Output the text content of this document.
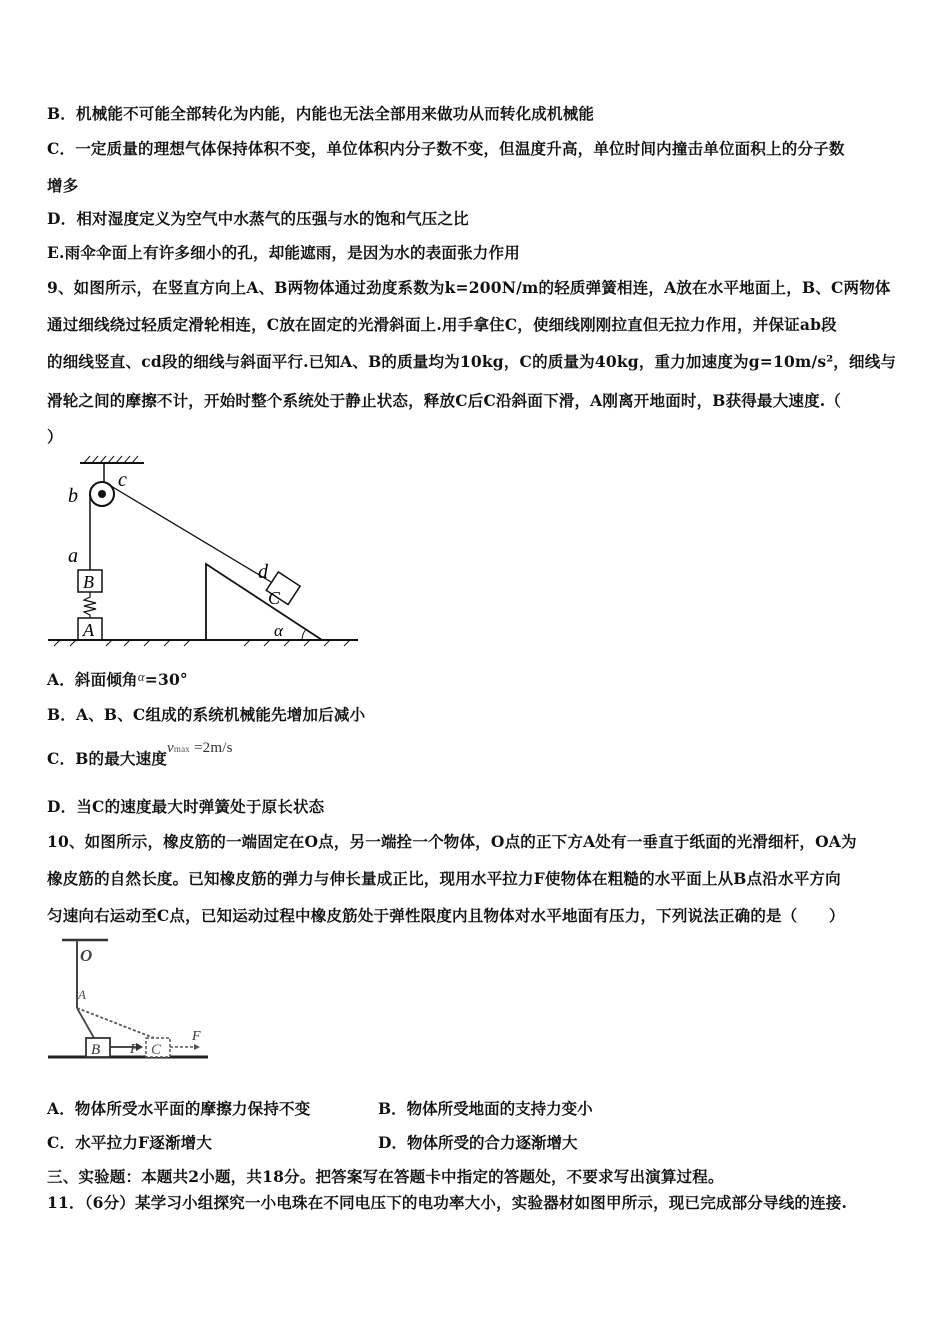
B．机械能不可能全部转化为内能，内能也无法全部用来做功从而转化成机械能
C．一定质量的理想气体保持体积不变，单位体积内分子数不变，但温度升高，单位时间内撞击单位面积上的分子数
增多
D．相对湿度定义为空气中水蒸气的压强与水的饱和气压之比
E.雨伞伞面上有许多细小的孔，却能遮雨，是因为水的表面张力作用
9、如图所示，在竖直方向上A、B两物体通过劲度系数为k=200N/m的轻质弹簧相连，A放在水平地面上，B、C两物体
通过细线绕过轻质定滑轮相连，C放在固定的光滑斜面上.用手拿住C，使细线刚刚拉直但无拉力作用，并保证ab段
的细线竖直、cd段的细线与斜面平行.已知A、B的质量均为10kg，C的质量为40kg，重力加速度为g=10m/s²，细线与
滑轮之间的摩擦不计，开始时整个系统处于静止状态，释放C后C沿斜面下滑，A刚离开地面时，B获得最大速度.（
）
c
b
a
B
A
d
C
α
A．斜面倾角$^\alpha$=30°
B．A、B、C组成的系统机械能先增加后减小
C．B的最大速度vmax =2m/s
D．当C的速度最大时弹簧处于原长状态
10、如图所示，橡皮筋的一端固定在O点，另一端拴一个物体，O点的正下方A处有一垂直于纸面的光滑细杆，OA为
橡皮筋的自然长度。已知橡皮筋的弹力与伸长量成正比，现用水平拉力F使物体在粗糙的水平面上从B点沿水平方向
匀速向右运动至C点，已知运动过程中橡皮筋处于弹性限度内且物体对水平地面有压力，下列说法正确的是（　　）
O
A
B F C
F
A．物体所受水平面的摩擦力保持不变	B．物体所受地面的支持力变小
C．水平拉力F逐渐增大	D．物体所受的合力逐渐增大
三、实验题：本题共2小题，共18分。把答案写在答题卡中指定的答题处，不要求写出演算过程。
11．（6分）某学习小组探究一小电珠在不同电压下的电功率大小，实验器材如图甲所示，现已完成部分导线的连接.
